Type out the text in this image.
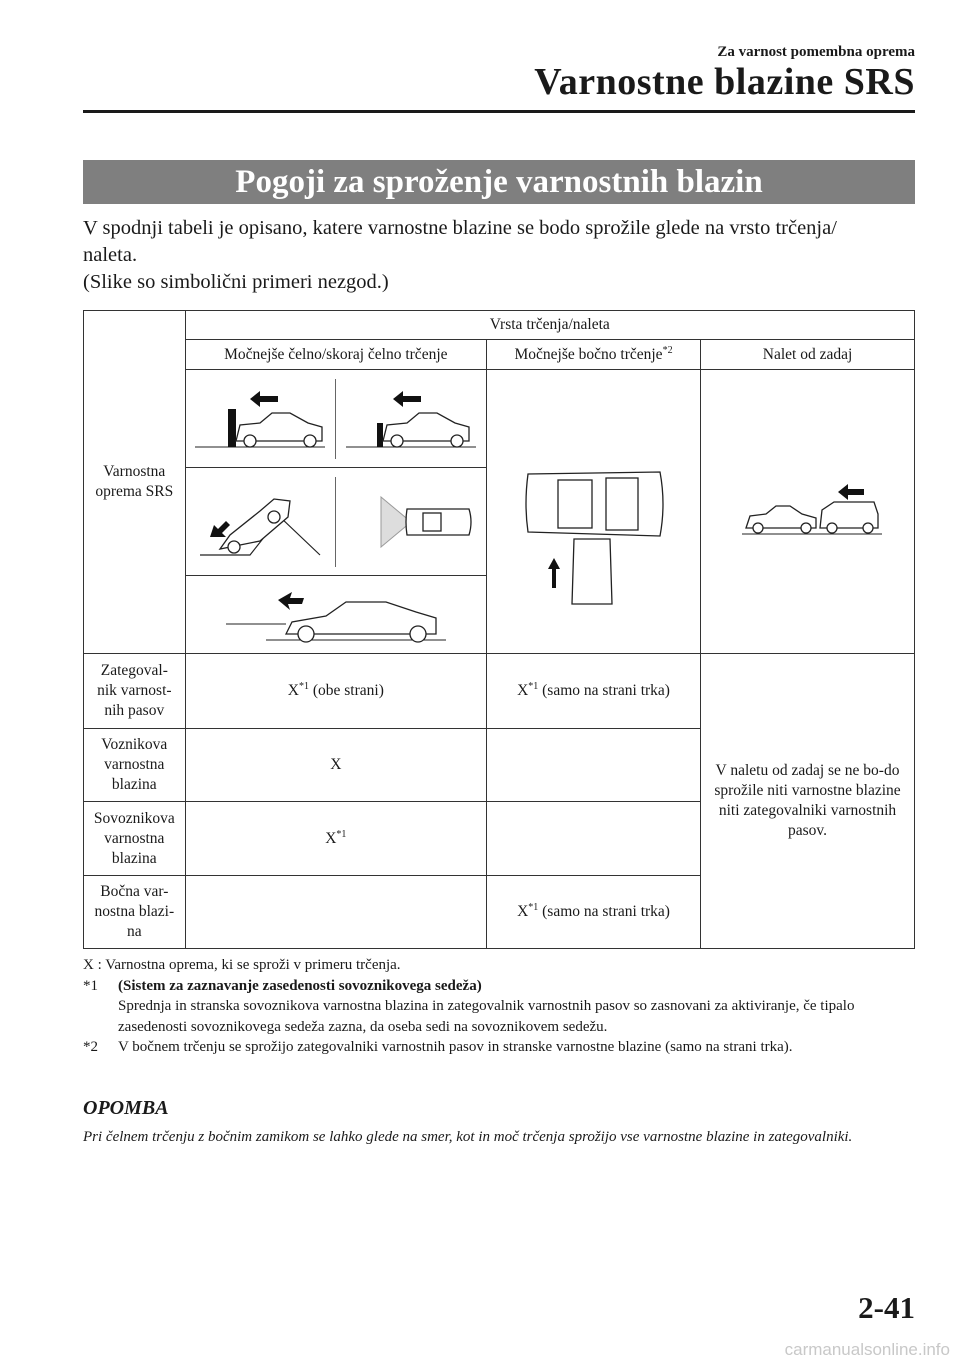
Za varnost pomembna oprema
Varnostne blazine SRS
Pogoji za sproženje varnostnih blazin
V spodnji tabeli je opisano, katere varnostne blazine se bodo sprožile glede na vrsto trčenja/
naleta.
(Slike so simbolični primeri nezgod.)
Varnostna oprema SRS	Vrsta trčenja/naleta		
	Močnejše čelno/skoraj čelno trčenje	Močnejše bočno trčenje$^{*2}$	Nalet od zadaj

Zategoval-
nik varnost-
nih pasov	$X^{*1}$ (obe strani)	$X^{*1}$ (samo na strani trka)	V naletu od zadaj se ne bo-do sprožile niti varnostne blazine niti zategovalniki varnostnih pasov.
Voznikova
varnostna
blazina	X		
Sovoznikova
varnostna
blazina	$X^{*1}$	
Bočna var-
nostna blazi-
na		$X^{*1}$ (samo na strani trka)	
X : Varnostna oprema, ki se sproži v primeru trčenja.
*1	(Sistem za zaznavanje zasedenosti sovoznikovega sedeža)
Sprednja in stranska sovoznikova varnostna blazina in zategovalnik varnostnih pasov so zasnovani za aktiviranje, če tipalo zasedenosti sovoznikovega sedeža zazna, da oseba sedi na sovoznikovem sedežu.
*2	V bočnem trčenju se sprožijo zategovalniki varnostnih pasov in stranske varnostne blazine (samo na strani trka).
OPOMBA
Pri čelnem trčenju z bočnim zamikom se lahko glede na smer, kot in moč trčenja sprožijo vse varnostne blazine in zategovalniki.
2-41
carmanualsonline.info
